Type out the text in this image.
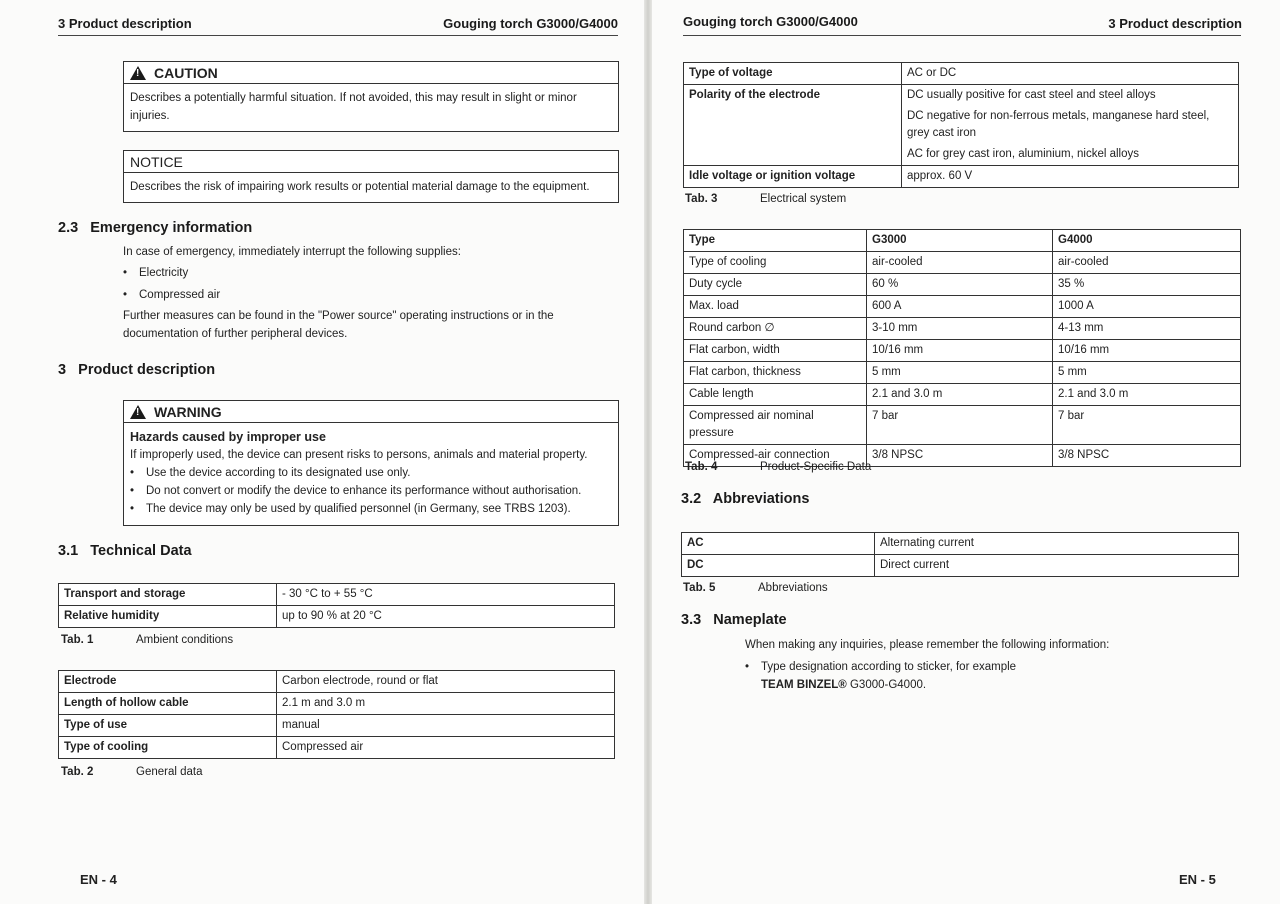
3 Product description	Gouging torch G3000/G4000
!
CAUTION
Describes a potentially harmful situation. If not avoided, this may result in slight or minor injuries.
NOTICE
Describes the risk of impairing work results or potential material damage to the equipment.
2.3 Emergency information
In case of emergency, immediately interrupt the following supplies:
• Electricity
• Compressed air
Further measures can be found in the "Power source" operating instructions or in the documentation of further peripheral devices.
3 Product description
!
WARNING
Hazards caused by improper use
If improperly used, the device can present risks to persons, animals and material property.
• Use the device according to its designated use only.
• Do not convert or modify the device to enhance its performance without authorisation.
• The device may only be used by qualified personnel (in Germany, see TRBS 1203).
3.1 Technical Data
Transport and storage	- 30 °C to + 55 °C
Relative humidity	up to 90 % at 20 °C
Tab. 1	Ambient conditions
Electrode	Carbon electrode, round or flat
Length of hollow cable	2.1 m and 3.0 m
Type of use	manual
Type of cooling	Compressed air
Tab. 2	General data
EN - 4
Gouging torch G3000/G4000	3 Product description
Type of voltage	AC or DC
Polarity of the electrode	DC usually positive for cast steel and steel alloys
DC negative for non-ferrous metals, manganese hard steel, grey cast iron
AC for grey cast iron, aluminium, nickel alloys

Idle voltage or ignition voltage	approx. 60 V
Tab. 3	Electrical system
Type	G3000	G4000
Type of cooling	air-cooled	air-cooled
Duty cycle	60 %	35 %
Max. load	600 A	1000 A
Round carbon ∅	3-10 mm	4-13 mm
Flat carbon, width	10/16 mm	10/16 mm
Flat carbon, thickness	5 mm	5 mm
Cable length	2.1 and 3.0 m	2.1 and 3.0 m
Compressed air nominal pressure	7 bar	7 bar
Compressed-air connection	3/8 NPSC	3/8 NPSC
Tab. 4	Product-Specific Data
3.2 Abbreviations
AC	Alternating current
DC	Direct current
Tab. 5	Abbreviations
3.3 Nameplate
When making any inquiries, please remember the following information:
• Type designation according to sticker, for example
TEAM BINZEL® G3000-G4000.
EN - 5
